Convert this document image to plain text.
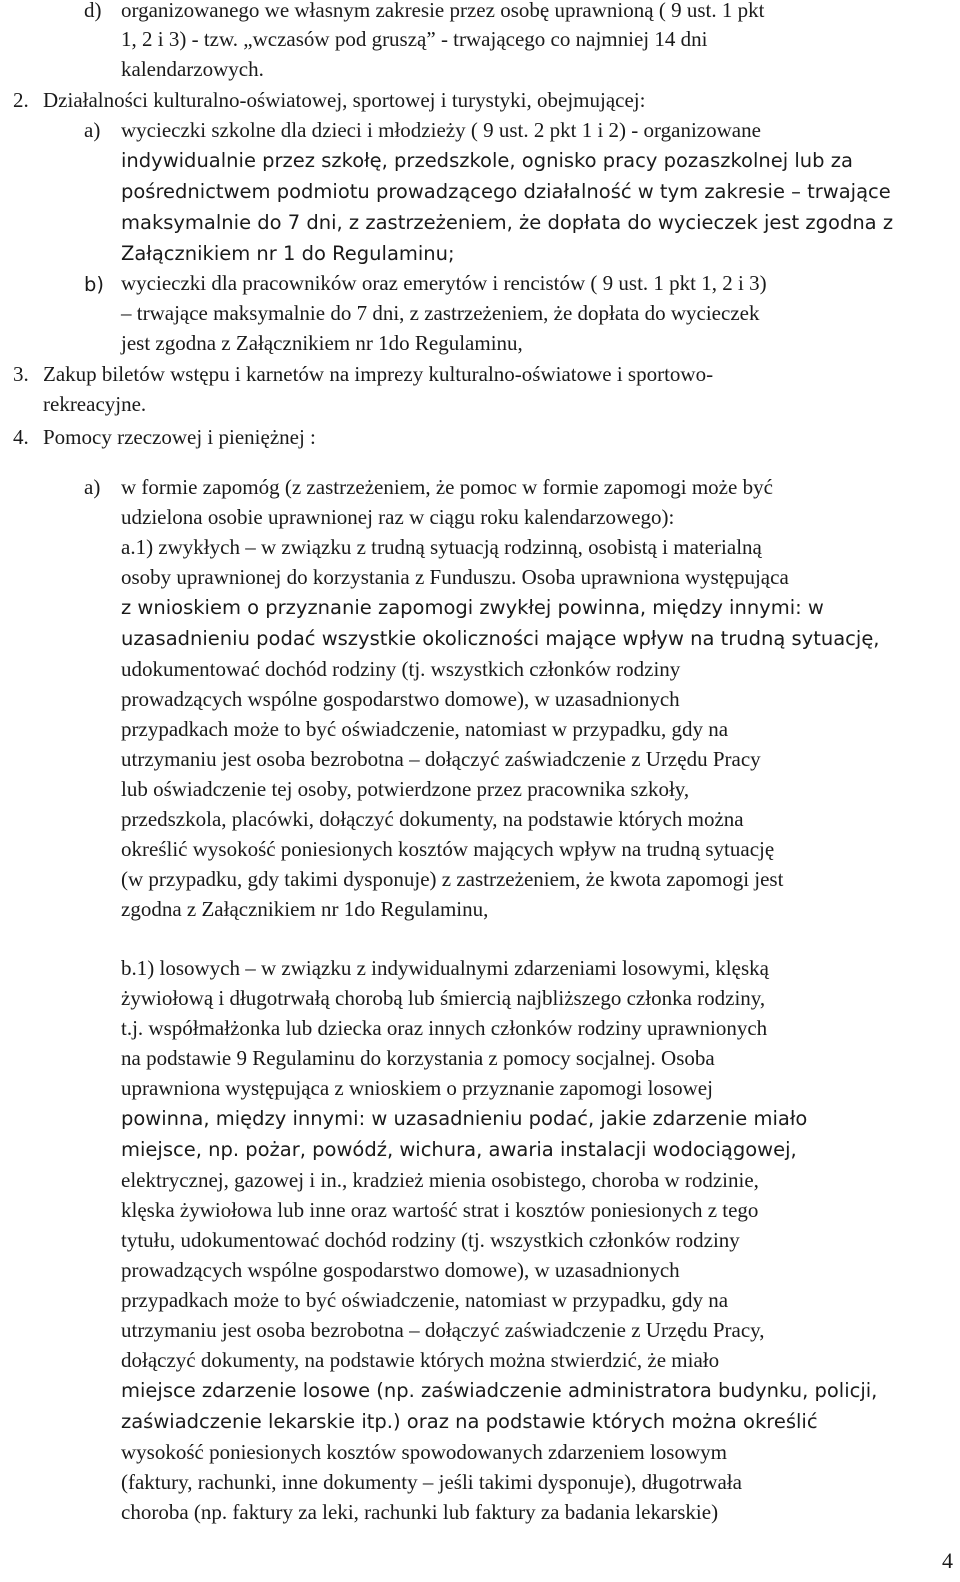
d) organizowanego we własnym zakresie przez osobę uprawnioną ( 9 ust. 1 pkt
1, 2 i 3) - tzw. „wczasów pod gruszą” - trwającego co najmniej 14 dni
kalendarzowych.
2. Działalności kulturalno-oświatowej, sportowej i turystyki, obejmującej:
a) wycieczki szkolne dla dzieci i młodzieży ( 9 ust. 2 pkt 1 i 2) - organizowane
indywidualnie przez szkołę, przedszkole, ognisko pracy pozaszkolnej lub za
pośrednictwem podmiotu prowadzącego działalność w tym zakresie – trwające
maksymalnie do 7 dni, z zastrzeżeniem, że dopłata do wycieczek jest zgodna z
Załącznikiem nr 1 do Regulaminu;
b) wycieczki dla pracowników oraz emerytów i rencistów ( 9 ust. 1 pkt 1, 2 i 3)
– trwające maksymalnie do 7 dni, z zastrzeżeniem, że dopłata do wycieczek
jest zgodna z Załącznikiem nr 1do Regulaminu,
3. Zakup biletów wstępu i karnetów na imprezy kulturalno-oświatowe i sportowo-
rekreacyjne.
4. Pomocy rzeczowej i pieniężnej :
a) w formie zapomóg (z zastrzeżeniem, że pomoc w formie zapomogi może być
udzielona osobie uprawnionej raz w ciągu roku kalendarzowego):
a.1) zwykłych – w związku z trudną sytuacją rodzinną, osobistą i materialną
osoby uprawnionej do korzystania z Funduszu. Osoba uprawniona występująca
z wnioskiem o przyznanie zapomogi zwykłej powinna, między innymi: w
uzasadnieniu podać wszystkie okoliczności mające wpływ na trudną sytuację,
udokumentować dochód rodziny (tj. wszystkich członków rodziny
prowadzących wspólne gospodarstwo domowe), w uzasadnionych
przypadkach może to być oświadczenie, natomiast w przypadku, gdy na
utrzymaniu jest osoba bezrobotna – dołączyć zaświadczenie z Urzędu Pracy
lub oświadczenie tej osoby, potwierdzone przez pracownika szkoły,
przedszkola, placówki, dołączyć dokumenty, na podstawie których można
określić wysokość poniesionych kosztów mających wpływ na trudną sytuację
(w przypadku, gdy takimi dysponuje) z zastrzeżeniem, że kwota zapomogi jest
zgodna z Załącznikiem nr 1do Regulaminu,
b.1) losowych – w związku z indywidualnymi zdarzeniami losowymi, klęską
żywiołową i długotrwałą chorobą lub śmiercią najbliższego członka rodziny,
t.j. współmałżonka lub dziecka oraz innych członków rodziny uprawnionych
na podstawie 9 Regulaminu do korzystania z pomocy socjalnej. Osoba
uprawniona występująca z wnioskiem o przyznanie zapomogi losowej
powinna, między innymi: w uzasadnieniu podać, jakie zdarzenie miało
miejsce, np. pożar, powódź, wichura, awaria instalacji wodociągowej,
elektrycznej, gazowej i in., kradzież mienia osobistego, choroba w rodzinie,
klęska żywiołowa lub inne oraz wartość strat i kosztów poniesionych z tego
tytułu, udokumentować dochód rodziny (tj. wszystkich członków rodziny
prowadzących wspólne gospodarstwo domowe), w uzasadnionych
przypadkach może to być oświadczenie, natomiast w przypadku, gdy na
utrzymaniu jest osoba bezrobotna – dołączyć zaświadczenie z Urzędu Pracy,
dołączyć dokumenty, na podstawie których można stwierdzić, że miało
miejsce zdarzenie losowe (np. zaświadczenie administratora budynku, policji,
zaświadczenie lekarskie itp.) oraz na podstawie których można określić
wysokość poniesionych kosztów spowodowanych zdarzeniem losowym
(faktury, rachunki, inne dokumenty – jeśli takimi dysponuje), długotrwała
choroba (np. faktury za leki, rachunki lub faktury za badania lekarskie)
4
